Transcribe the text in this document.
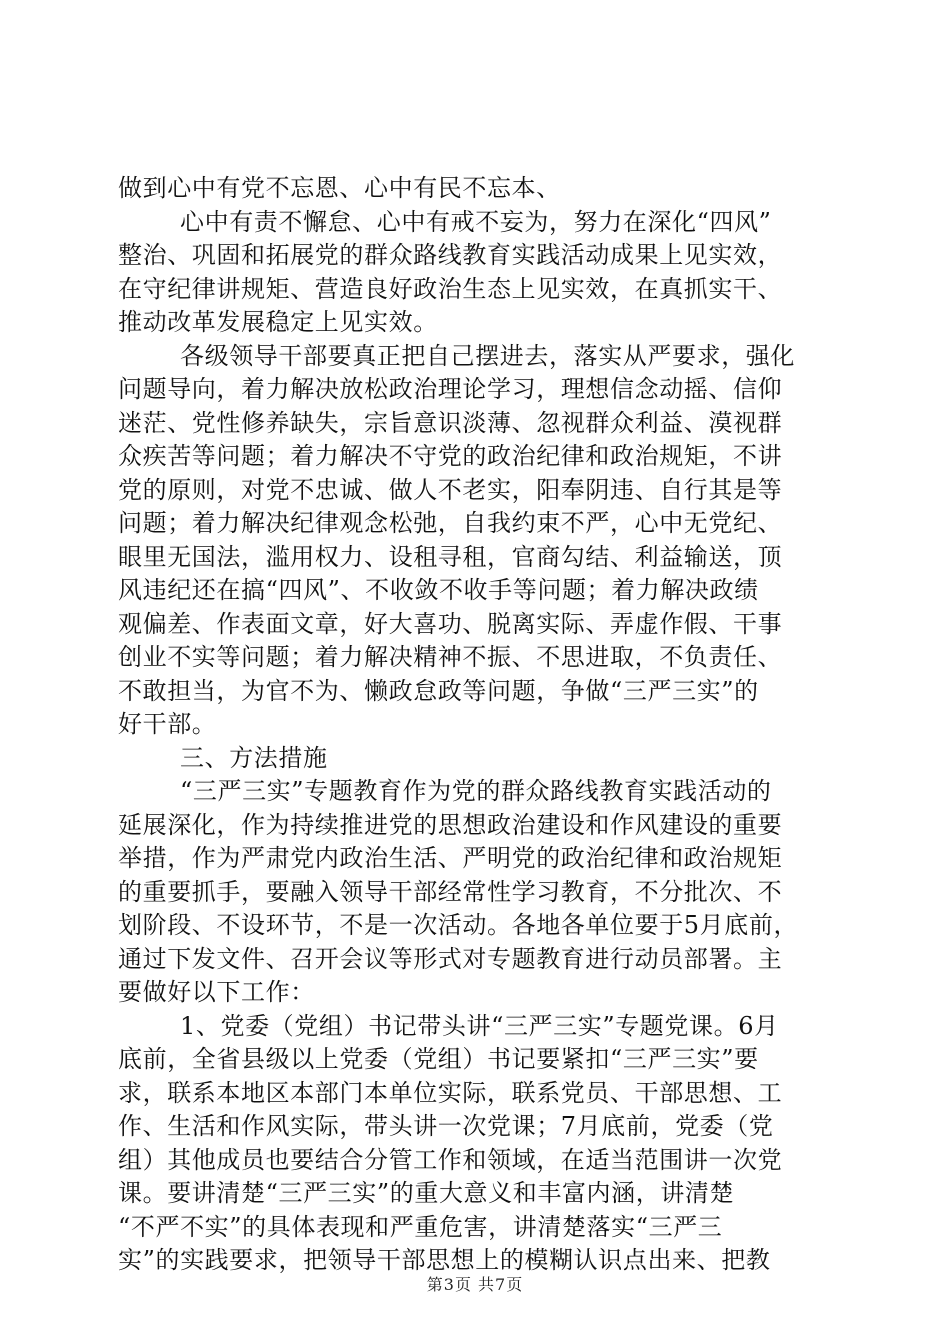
做到心中有党不忘恩、心中有民不忘本、
心中有责不懈怠、心中有戒不妄为，努力在深化“四风”
整治、巩固和拓展党的群众路线教育实践活动成果上见实效，
在守纪律讲规矩、营造良好政治生态上见实效，在真抓实干、
推动改革发展稳定上见实效。
各级领导干部要真正把自己摆进去，落实从严要求，强化
问题导向，着力解决放松政治理论学习，理想信念动摇、信仰
迷茫、党性修养缺失，宗旨意识淡薄、忽视群众利益、漠视群
众疾苦等问题；着力解决不守党的政治纪律和政治规矩，不讲
党的原则，对党不忠诚、做人不老实，阳奉阴违、自行其是等
问题；着力解决纪律观念松弛，自我约束不严，心中无党纪、
眼里无国法，滥用权力、设租寻租，官商勾结、利益输送，顶
风违纪还在搞“四风”、不收敛不收手等问题；着力解决政绩
观偏差、作表面文章，好大喜功、脱离实际、弄虚作假、干事
创业不实等问题；着力解决精神不振、不思进取，不负责任、
不敢担当，为官不为、懒政怠政等问题，争做“三严三实”的
好干部。
三、方法措施
“三严三实”专题教育作为党的群众路线教育实践活动的
延展深化，作为持续推进党的思想政治建设和作风建设的重要
举措，作为严肃党内政治生活、严明党的政治纪律和政治规矩
的重要抓手，要融入领导干部经常性学习教育，不分批次、不
划阶段、不设环节，不是一次活动。各地各单位要于5月底前，
通过下发文件、召开会议等形式对专题教育进行动员部署。主
要做好以下工作：
1、党委（党组）书记带头讲“三严三实”专题党课。6月
底前，全省县级以上党委（党组）书记要紧扣“三严三实”要
求，联系本地区本部门本单位实际，联系党员、干部思想、工
作、生活和作风实际，带头讲一次党课；7月底前，党委（党
组）其他成员也要结合分管工作和领域，在适当范围讲一次党
课。要讲清楚“三严三实”的重大意义和丰富内涵，讲清楚
“不严不实”的具体表现和严重危害，讲清楚落实“三严三
实”的实践要求，把领导干部思想上的模糊认识点出来、把教
第3页 共7页
